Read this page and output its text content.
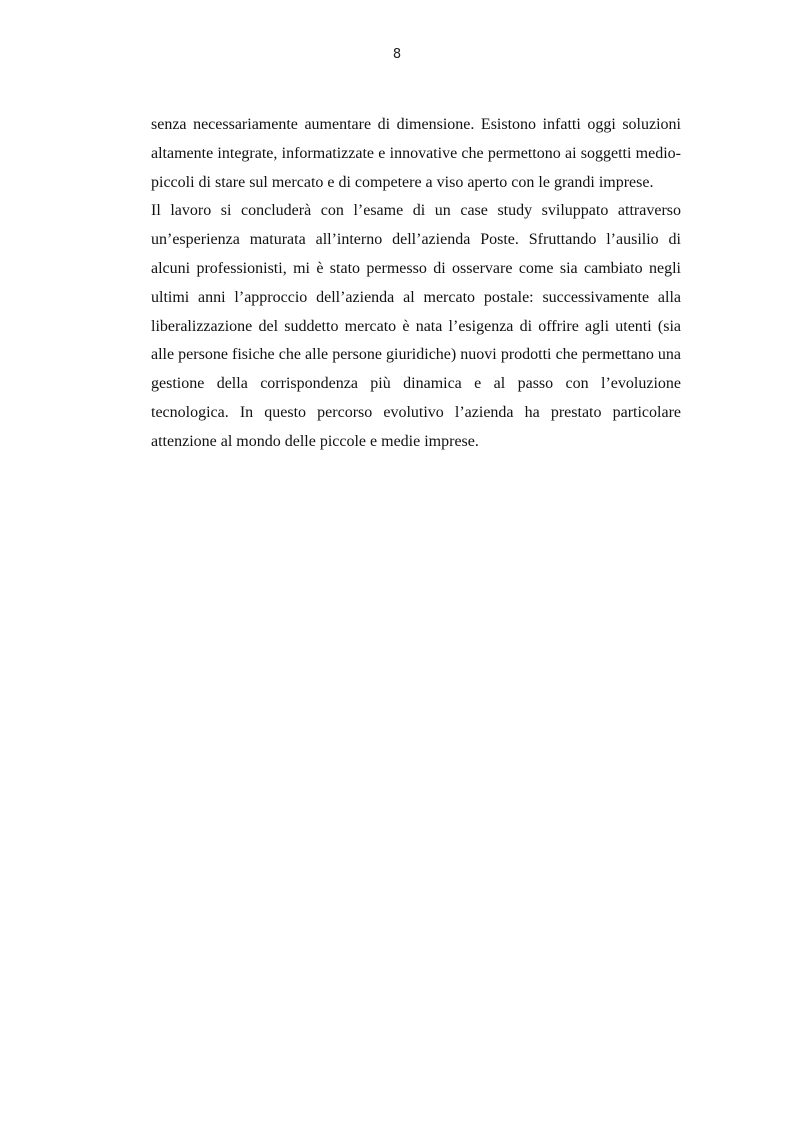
8

senza necessariamente aumentare di dimensione. Esistono infatti oggi soluzioni altamente integrate, informatizzate e innovative che permettono ai soggetti medio-piccoli di stare sul mercato e di competere a viso aperto con le grandi imprese.

Il lavoro si concluderà con l’esame di un case study sviluppato attraverso un’esperienza maturata all’interno dell’azienda Poste. Sfruttando l’ausilio di alcuni professionisti, mi è stato permesso di osservare come sia cambiato negli ultimi anni l’approccio dell’azienda al mercato postale: successivamente alla liberalizzazione del suddetto mercato è nata l’esigenza di offrire agli utenti (sia alle persone fisiche che alle persone giuridiche) nuovi prodotti che permettano una gestione della corrispondenza più dinamica e al passo con l’evoluzione tecnologica. In questo percorso evolutivo l’azienda ha prestato particolare attenzione al mondo delle piccole e medie imprese.
